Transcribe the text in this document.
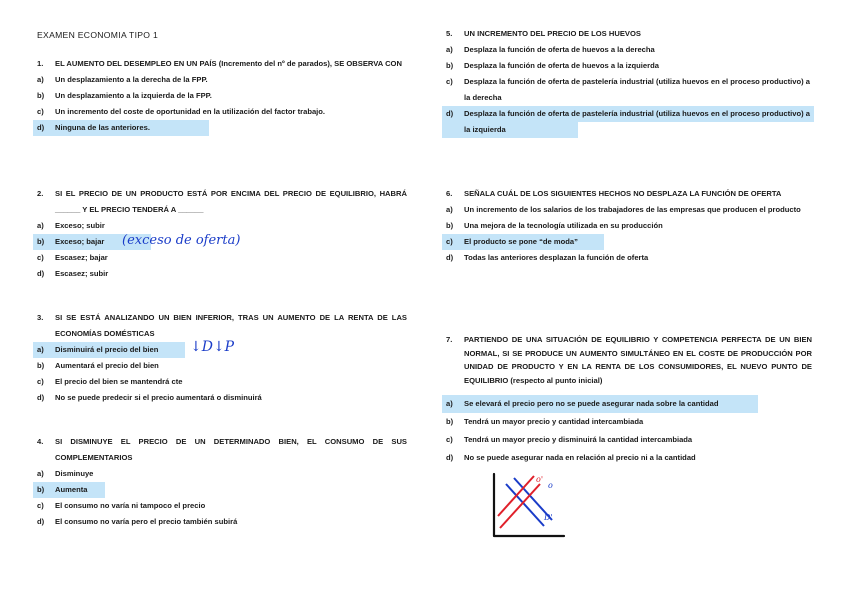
EXAMEN ECONOMIA TIPO 1
1.	EL AUMENTO DEL DESEMPLEO EN UN PAÍS (Incremento del nº de parados), SE OBSERVA CON
a)	Un desplazamiento a la derecha de la FPP.
b)	Un desplazamiento a la izquierda de la FPP.
c)	Un incremento del coste de oportunidad en la utilización del factor trabajo.
d)	Ninguna de las anteriores.
2.	SI EL PRECIO DE UN PRODUCTO ESTÁ POR ENCIMA DEL PRECIO DE EQUILIBRIO, HABRÁ ______ Y EL PRECIO TENDERÁ A ______
a)	Exceso; subir
b)	Exceso; bajar
c)	Escasez; bajar
d)	Escasez; subir
(exceso de oferta)
3.	SI SE ESTÁ ANALIZANDO UN BIEN INFERIOR, TRAS UN AUMENTO DE LA RENTA DE LAS ECONOMÍAS DOMÉSTICAS
a)	Disminuirá el precio del bien
b)	Aumentará el precio del bien
c)	El precio del bien se mantendrá cte
d)	No se puede predecir si el precio aumentará o disminuirá
↓D↓P
4.	SI DISMINUYE EL PRECIO DE UN DETERMINADO BIEN, EL CONSUMO DE SUS COMPLEMENTARIOS
a)	Disminuye
b)	Aumenta
c)	El consumo no varía ni tampoco el precio
d)	El consumo no varía pero el precio también subirá
5.	UN INCREMENTO DEL PRECIO DE LOS HUEVOS
a)	Desplaza la función de oferta de huevos a la derecha
b)	Desplaza la función de oferta de huevos a la izquierda
c)	Desplaza la función de oferta de pastelería industrial (utiliza huevos en el proceso productivo) a la derecha
d)	Desplaza la función de oferta de pastelería industrial (utiliza huevos en el proceso productivo) a la izquierda
6.	SEÑALA CUÁL DE LOS SIGUIENTES HECHOS NO DESPLAZA LA FUNCIÓN DE OFERTA
a)	Un incremento de los salarios de los trabajadores de las empresas que producen el producto
b)	Una mejora de la tecnología utilizada en su producción
c)	El producto se pone “de moda”
d)	Todas las anteriores desplazan la función de oferta
7.	PARTIENDO DE UNA SITUACIÓN DE EQUILIBRIO Y COMPETENCIA PERFECTA DE UN BIEN NORMAL, SI SE PRODUCE UN AUMENTO SIMULTÁNEO EN EL COSTE DE PRODUCCIÓN POR UNIDAD DE PRODUCTO Y EN LA RENTA DE LOS CONSUMIDORES, EL NUEVO PUNTO DE EQUILIBRIO (respecto al punto inicial)
a)	Se elevará el precio pero no se puede asegurar nada sobre la cantidad
b)	Tendrá un mayor precio y cantidad intercambiada
c)	Tendrá un mayor precio y disminuirá la cantidad intercambiada
d)	No se puede asegurar nada en relación al precio ni a la cantidad
o'
o
D'
